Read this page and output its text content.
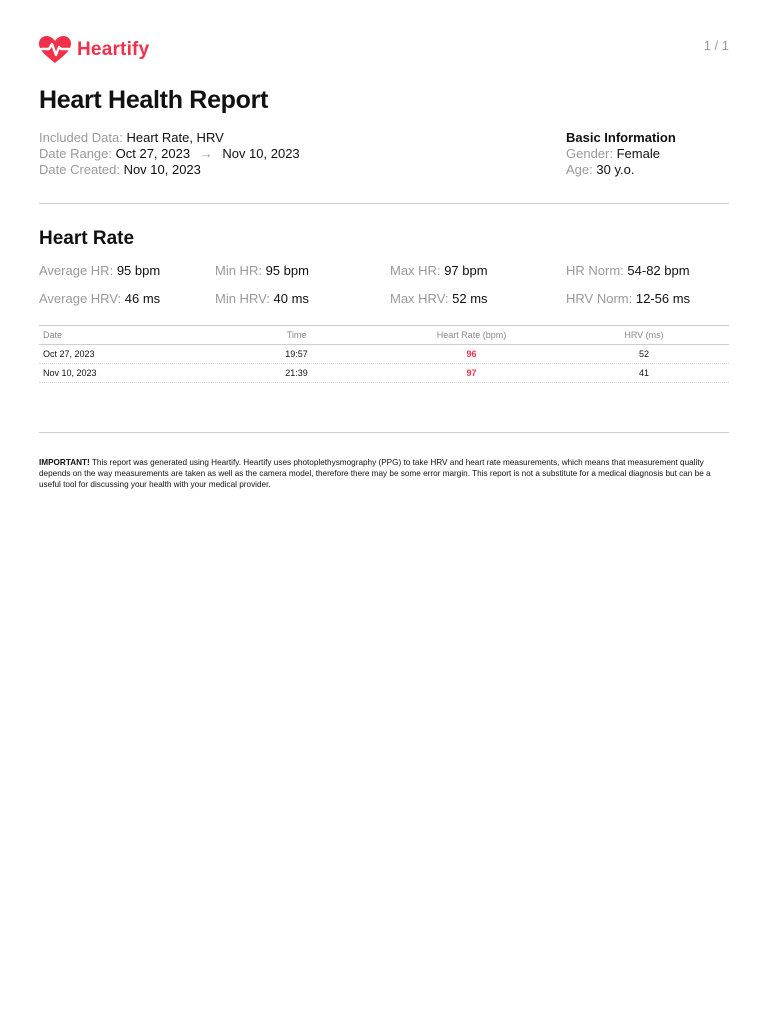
Heartify	1 / 1
Heart Health Report
Included Data: Heart Rate, HRV
Date Range: Oct 27, 2023 → Nov 10, 2023
Date Created: Nov 10, 2023
Basic Information
Gender: Female
Age: 30 y.o.
Heart Rate
Average HR: 95 bpm	Min HR: 95 bpm	Max HR: 97 bpm	HR Norm: 54-82 bpm
Average HRV: 46 ms	Min HRV: 40 ms	Max HRV: 52 ms	HRV Norm: 12-56 ms
Date	Time	Heart Rate (bpm)	HRV (ms)
Oct 27, 2023	19:57	96	52
Nov 10, 2023	21:39	97	41

IMPORTANT! This report was generated using Heartify. Heartify uses photoplethysmography (PPG) to take HRV and heart rate measurements, which means that measurement quality depends on the way measurements are taken as well as the camera model, therefore there may be some error margin. This report is not a substitute for a medical diagnosis but can be a useful tool for discussing your health with your medical provider.
